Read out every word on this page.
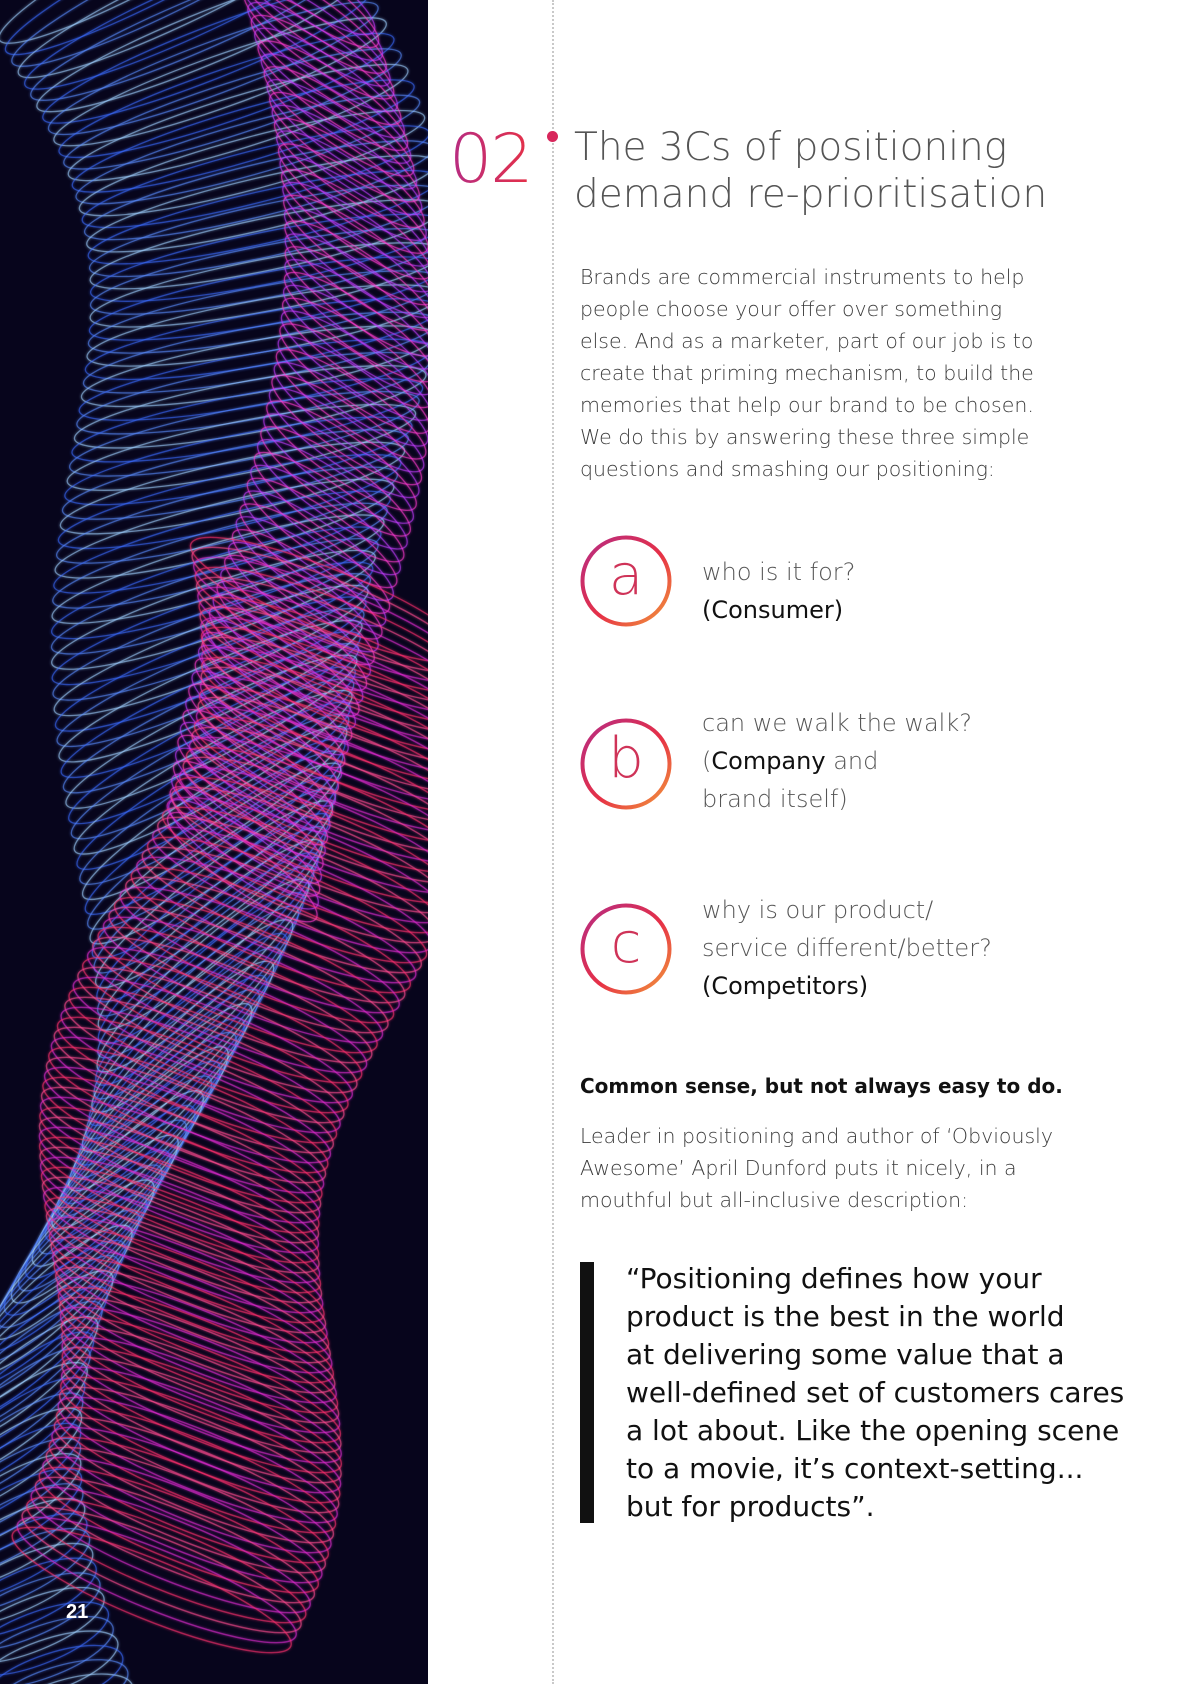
21
02 The 3Cs of positioning
demand re-prioritisation
Brands are commercial instruments to help
people choose your offer over something
else. And as a marketer, part of our job is to
create that priming mechanism, to build the
memories that help our brand to be chosen.
We do this by answering these three simple
questions and smashing our positioning:
a	who is it for?
(Consumer)
b
can we walk the walk?
(Company and
brand itself)
c
why is our product/
service different/better?
(Competitors)
Common sense, but not always easy to do.
Leader in positioning and author of ‘Obviously
Awesome’ April Dunford puts it nicely, in a
mouthful but all-inclusive description:
“Positioning defines how your
product is the best in the world
at delivering some value that a
well-defined set of customers cares
a lot about. Like the opening scene
to a movie, it’s context-setting...
but for products”.
